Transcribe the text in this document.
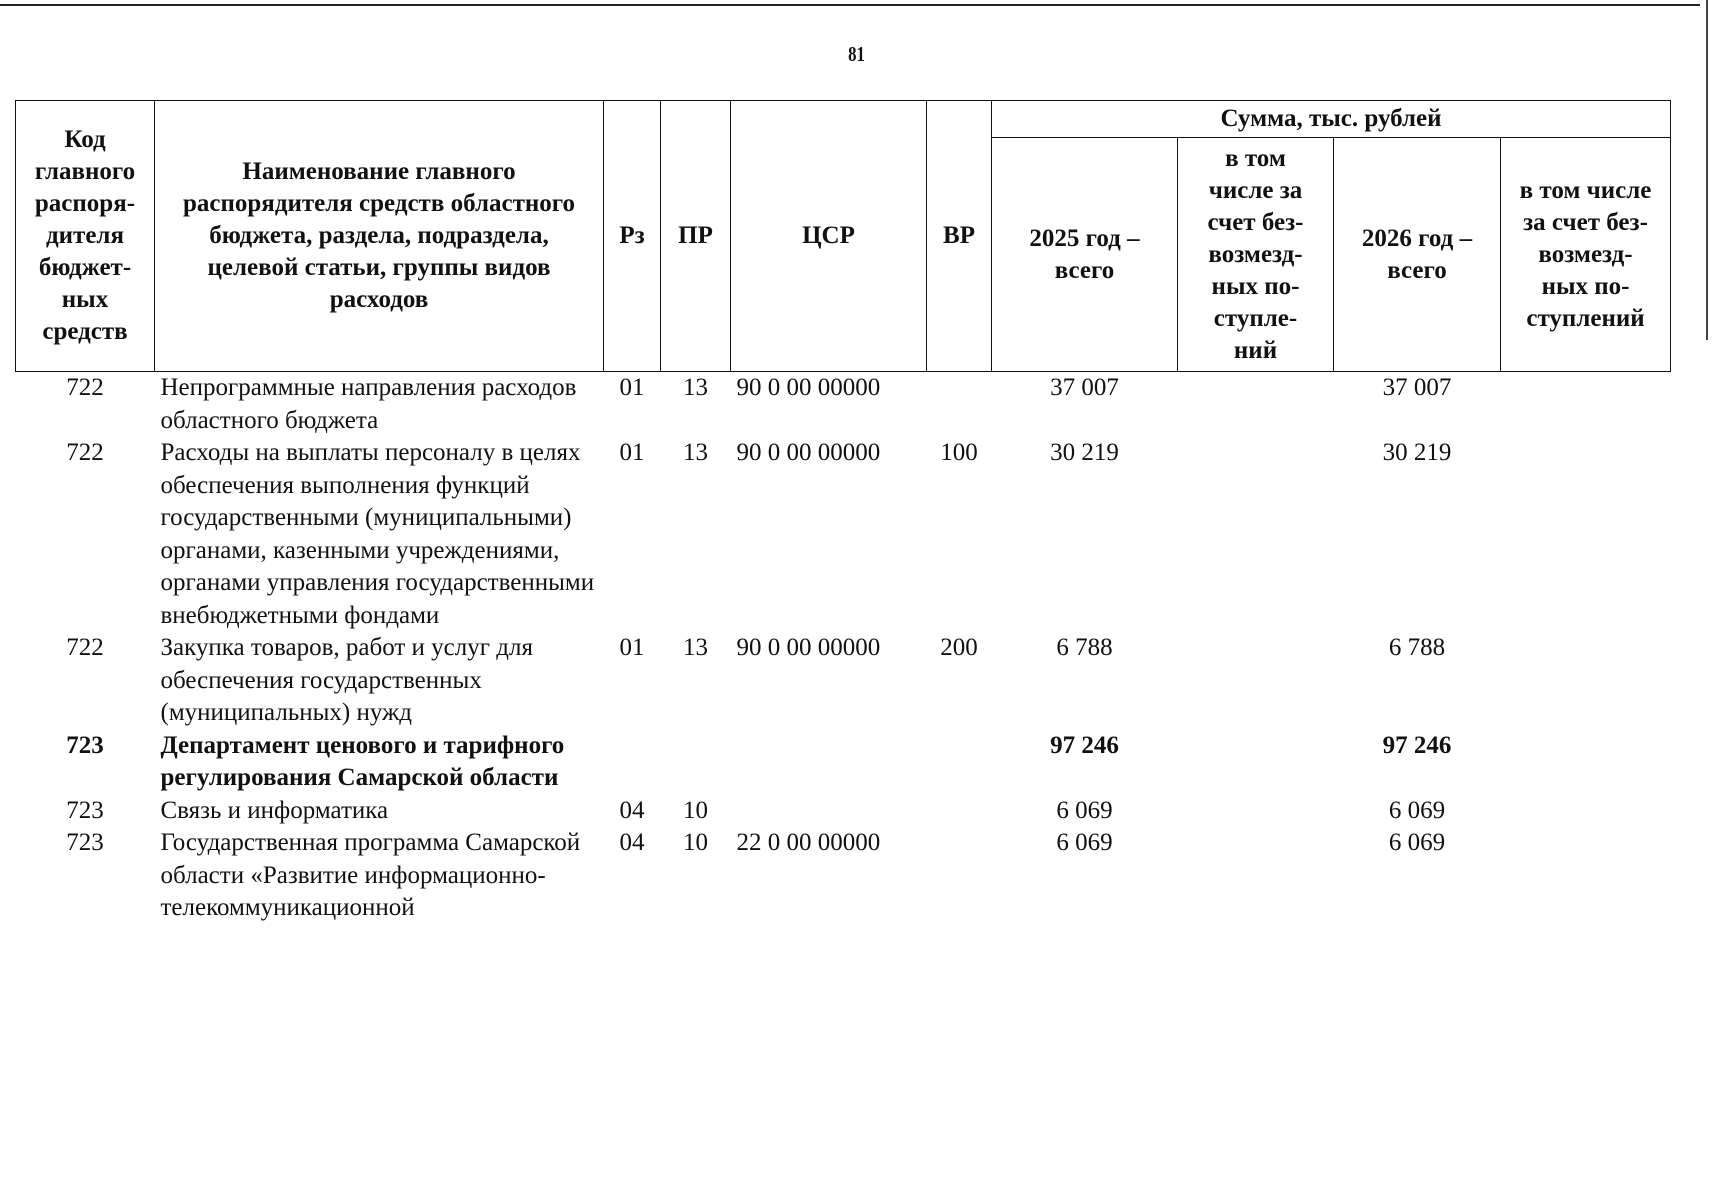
81
Код главного распоря-дителя бюджет-ных средств	Наименование главного распорядителя средств областного бюджета, раздела, подраздела, целевой статьи, группы видов расходов	Рз	ПР	ЦСР	ВР	Сумма, тыс. рублей			
						2025 год – всего	в том числе за счет без-возмезд-ных по-ступле-ний	2026 год – всего	в том числе за счет без-возмезд-ных по-ступлений
722	Непрограммные направления расходов областного бюджета	01	13	90 0 00 00000		37 007		37 007	
722	Расходы на выплаты персоналу в целях обеспечения выполнения функций государственными (муниципальными) органами, казенными учреждениями, органами управления государственными внебюджетными фондами	01	13	90 0 00 00000	100	30 219		30 219	
722	Закупка товаров, работ и услуг для обеспечения государственных (муниципальных) нужд	01	13	90 0 00 00000	200	6 788		6 788	
723	Департамент ценового и тарифного регулирования Самарской области					97 246		97 246	
723	Связь и информатика	04	10			6 069		6 069	
723	Государственная программа Самарской области «Развитие информационно-телекоммуникационной	04	10	22 0 00 00000		6 069		6 069	
